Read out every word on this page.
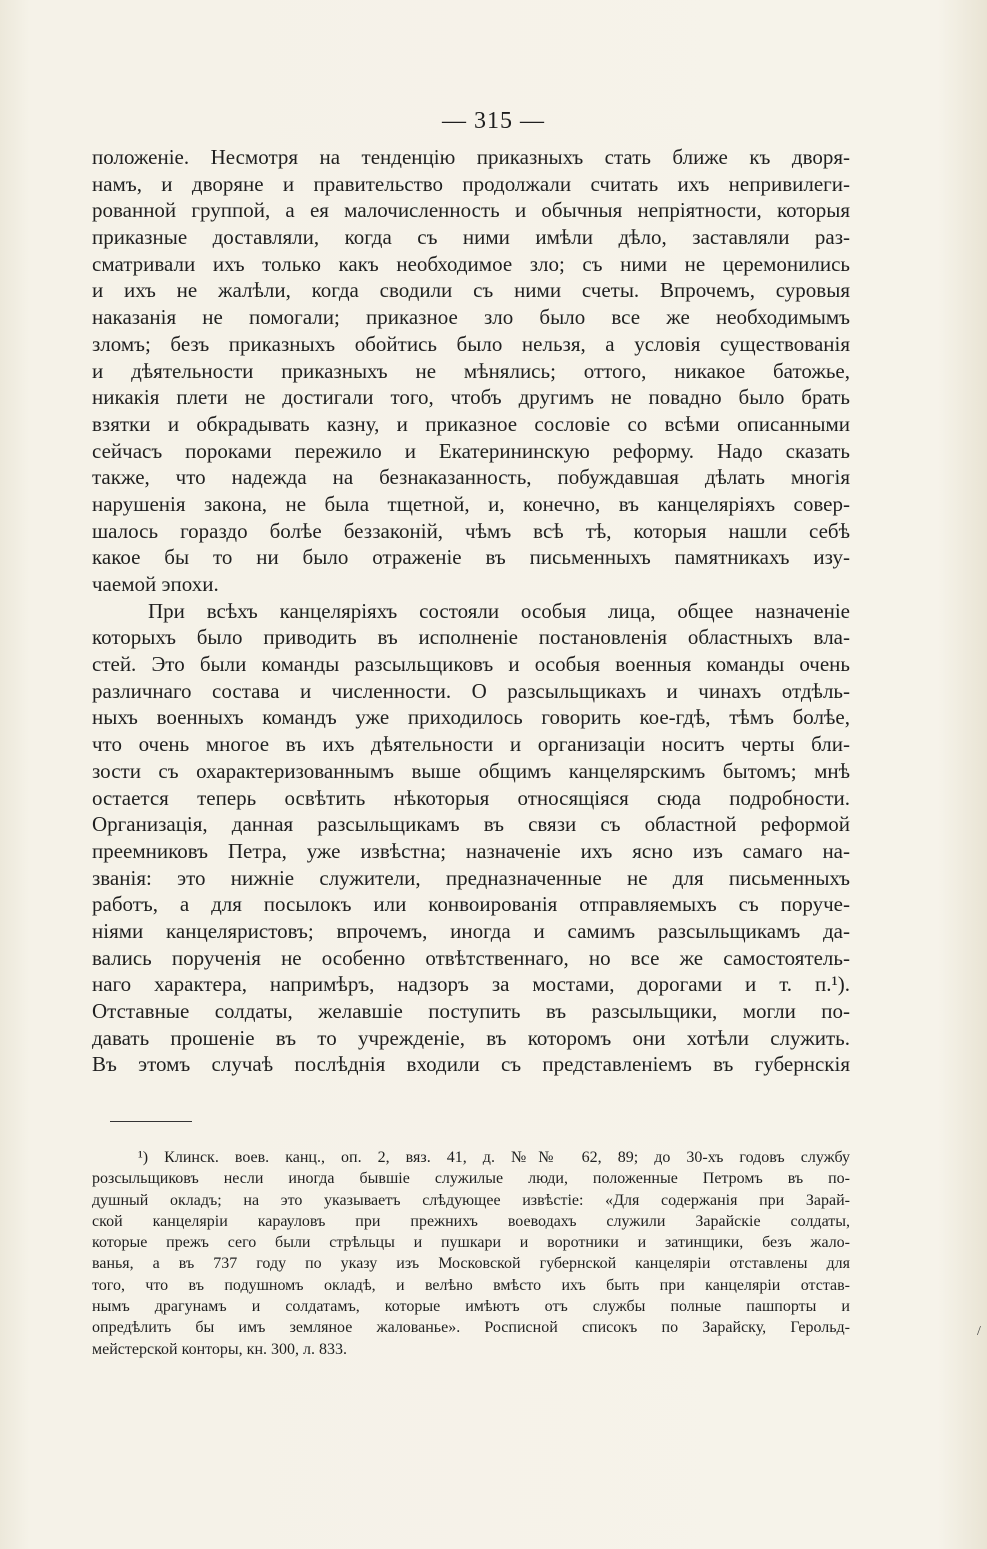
— 315 —
положеніе. Несмотря на тенденцію приказныхъ стать ближе къ дворя-
намъ, и дворяне и правительство продолжали считать ихъ непривилеги-
рованной группой, а ея малочисленность и обычныя непріятности, которыя
приказные доставляли, когда съ ними имѣли дѣло, заставляли раз-
сматривали ихъ только какъ необходимое зло; съ ними не церемонились
и ихъ не жалѣли, когда сводили съ ними счеты. Впрочемъ, суровыя
наказанія не помогали; приказное зло было все же необходимымъ
зломъ; безъ приказныхъ обойтись было нельзя, а условія существованія
и дѣятельности приказныхъ не мѣнялись; оттого, никакое батожье,
никакія плети не достигали того, чтобъ другимъ не повадно было брать
взятки и обкрадывать казну, и приказное сословіе со всѣми описанными
сейчасъ пороками пережило и Екатерининскую реформу. Надо сказать
также, что надежда на безнаказанность, побуждавшая дѣлать многія
нарушенія закона, не была тщетной, и, конечно, въ канцеляріяхъ совер-
шалось гораздо болѣе беззаконій, чѣмъ всѣ тѣ, которыя нашли себѣ
какое бы то ни было отраженіе въ письменныхъ памятникахъ изу-
чаемой эпохи.
При всѣхъ канцеляріяхъ состояли особыя лица, общее назначеніе
которыхъ было приводить въ исполненіе постановленія областныхъ вла-
стей. Это были команды разсыльщиковъ и особыя военныя команды очень
различнаго состава и численности. О разсыльщикахъ и чинахъ отдѣль-
ныхъ военныхъ командъ уже приходилось говорить кое-гдѣ, тѣмъ болѣе,
что очень многое въ ихъ дѣятельности и организаціи носитъ черты бли-
зости съ охарактеризованнымъ выше общимъ канцелярскимъ бытомъ; мнѣ
остается теперь освѣтить нѣкоторыя относящіяся сюда подробности.
Организація, данная разсыльщикамъ въ связи съ областной реформой
преемниковъ Петра, уже извѣстна; назначеніе ихъ ясно изъ самаго на-
званія: это нижніе служители, предназначенные не для письменныхъ
работъ, а для посылокъ или конвоированія отправляемыхъ съ поруче-
ніями канцеляристовъ; впрочемъ, иногда и самимъ разсыльщикамъ да-
вались порученія не особенно отвѣтственнаго, но все же самостоятель-
наго характера, напримѣръ, надзоръ за мостами, дорогами и т. п.¹).
Отставные солдаты, желавшіе поступить въ разсыльщики, могли по-
давать прошеніе въ то учрежденіе, въ которомъ они хотѣли служить.
Въ этомъ случаѣ послѣднія входили съ представленіемъ въ губернскія
¹) Клинск. воев. канц., оп. 2, вяз. 41, д. №№ 62, 89; до 30-хъ годовъ службу
розсыльщиковъ несли иногда бывшіе служилые люди, положенные Петромъ въ по-
душный окладъ; на это указываетъ слѣдующее извѣстіе: «Для содержанія при Зарай-
ской канцеляріи карауловъ при прежнихъ воеводахъ служили Зарайскіе солдаты,
которые прежъ сего были стрѣльцы и пушкари и воротники и затинщики, безъ жало-
ванья, а въ 737 году по указу изъ Московской губернской канцеляріи отставлены для
того, что въ подушномъ окладѣ, и велѣно вмѣсто ихъ быть при канцеляріи отстав-
нымъ драгунамъ и солдатамъ, которые имѣютъ отъ службы полные пашпорты и
опредѣлить бы имъ земляное жалованье». Росписной списокъ по Зарайску, Герольд-
мейстерской конторы, кн. 300, л. 833.
/
